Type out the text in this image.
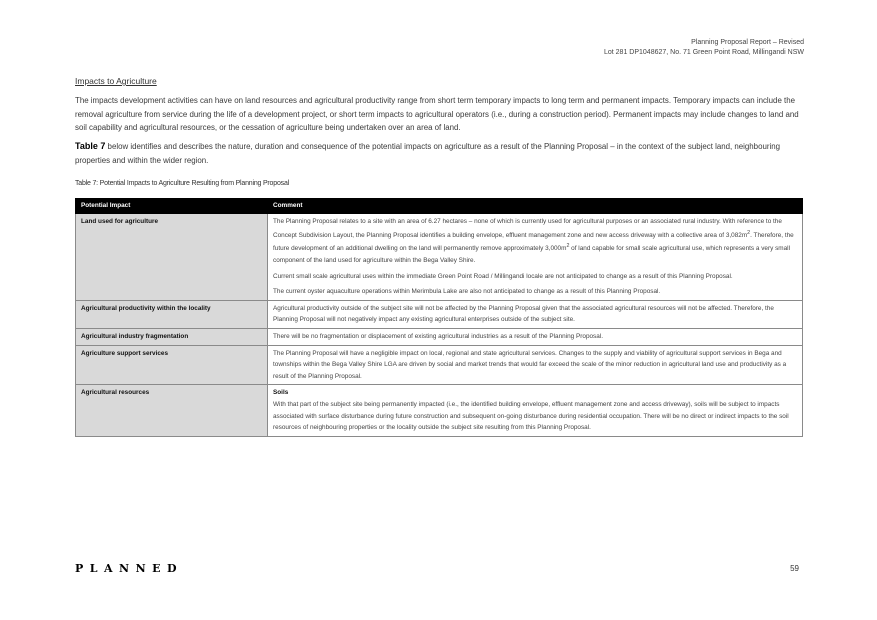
Planning Proposal Report – Revised
Lot 281 DP1048627, No. 71 Green Point Road, Millingandi NSW
Impacts to Agriculture
The impacts development activities can have on land resources and agricultural productivity range from short term temporary impacts to long term and permanent impacts. Temporary impacts can include the removal agriculture from service during the life of a development project, or short term impacts to agricultural operators (i.e., during a construction period). Permanent impacts may include changes to land and soil capability and agricultural resources, or the cessation of agriculture being undertaken over an area of land.
Table 7 below identifies and describes the nature, duration and consequence of the potential impacts on agriculture as a result of the Planning Proposal – in the context of the subject land, neighbouring properties and within the wider region.
Table 7: Potential Impacts to Agriculture Resulting from Planning Proposal
Potential Impact	Comment
Land used for agriculture	The Planning Proposal relates to a site with an area of 6.27 hectares – none of which is currently used for agricultural purposes or an associated rural industry. With reference to the Concept Subdivision Layout, the Planning Proposal identifies a building envelope, effluent management zone and new access driveway with a collective area of $3,082m^2$. Therefore, the future development of an additional dwelling on the land will permanently remove approximately $3,000m^2$ of land capable for small scale agricultural use, which represents a very small component of the land used for agriculture within the Bega Valley Shire.

Current small scale agricultural uses within the immediate Green Point Road / Millingandi locale are not anticipated to change as a result of this Planning Proposal.

The current oyster aquaculture operations within Merimbula Lake are also not anticipated to change as a result of this Planning Proposal.

Agricultural productivity within the locality	Agricultural productivity outside of the subject site will not be affected by the Planning Proposal given that the associated agricultural resources will not be affected. Therefore, the Planning Proposal will not negatively impact any existing agricultural enterprises outside of the subject site.
Agricultural industry fragmentation	There will be no fragmentation or displacement of existing agricultural industries as a result of the Planning Proposal.
Agriculture support services	The Planning Proposal will have a negligible impact on local, regional and state agricultural services. Changes to the supply and viability of agricultural support services in Bega and townships within the Bega Valley Shire LGA are driven by social and market trends that would far exceed the scale of the minor reduction in agricultural land use and productivity as a result of the Planning Proposal.
Agricultural resources	Soils

With that part of the subject site being permanently impacted (i.e., the identified building envelope, effluent management zone and access driveway), soils will be subject to impacts associated with surface disturbance during future construction and subsequent on-going disturbance during residential occupation. There will be no direct or indirect impacts to the soil resources of neighbouring properties or the locality outside the subject site resulting from this Planning Proposal.

PLANNED	59
